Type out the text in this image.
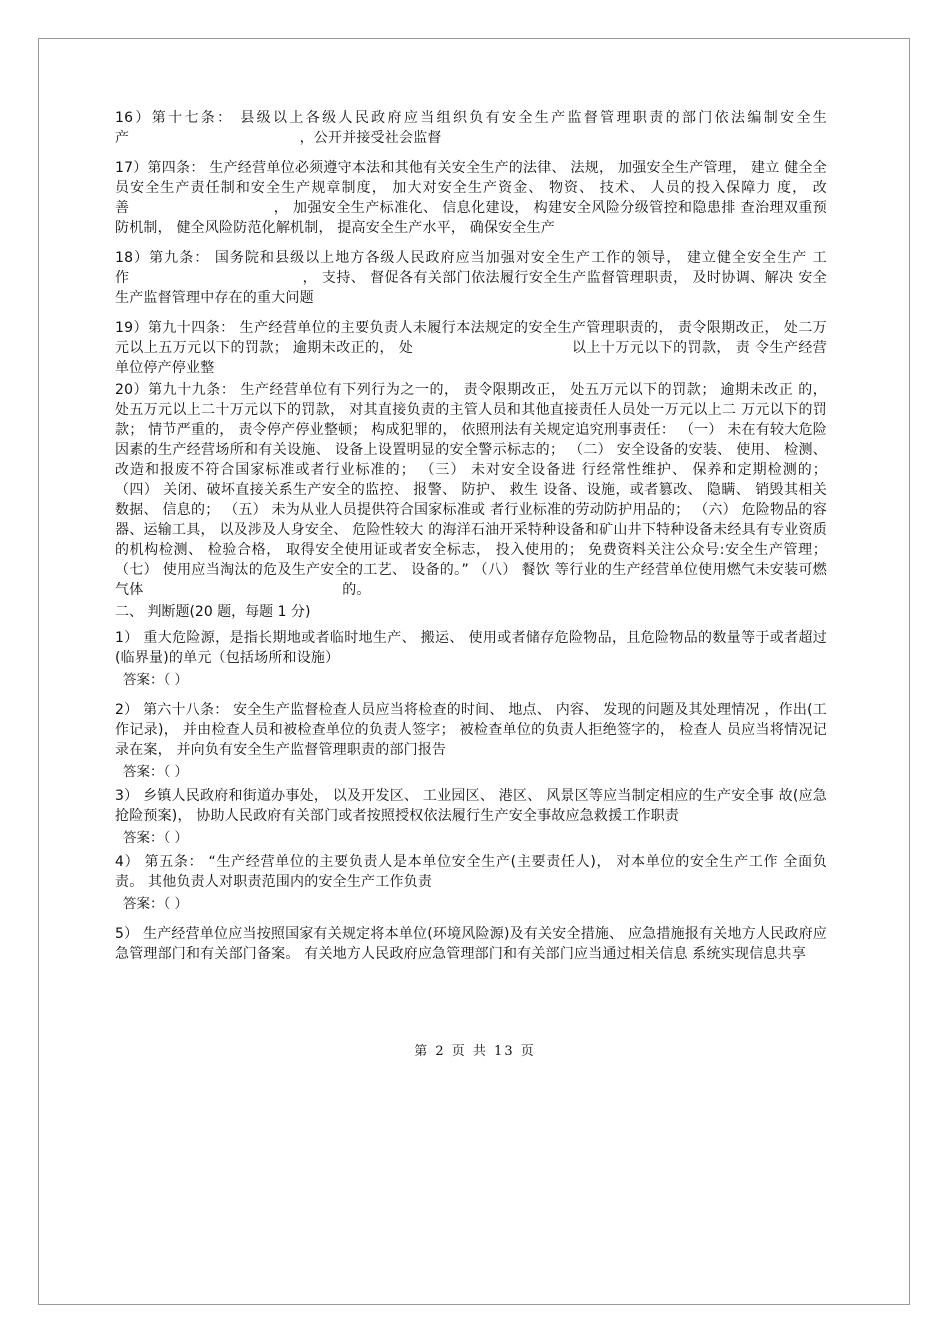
16）第十七条： 县级以上各级人民政府应当组织负有安全生产监督管理职责的部门依法编制安全生 产　　　　　　　　　　　　，公开并接受社会监督

17）第四条： 生产经营单位必须遵守本法和其他有关安全生产的法律、 法规， 加强安全生产管理， 建立 健全全员安全生产责任制和安全生产规章制度， 加大对安全生产资金、 物资、 技术、 人员的投入保障力 度， 改善　　　　　　　　　　， 加强安全生产标准化、 信息化建设， 构建安全风险分级管控和隐患排 查治理双重预防机制， 健全风险防范化解机制， 提高安全生产水平， 确保安全生产

18）第九条： 国务院和县级以上地方各级人民政府应当加强对安全生产工作的领导， 建立健全安全生产 工作　　　　　　　　　　　　， 支持、 督促各有关部门依法履行安全生产监督管理职责， 及时协调、解决 安全生产监督管理中存在的重大问题

19）第九十四条： 生产经营单位的主要负责人未履行本法规定的安全生产管理职责的， 责令限期改正， 处二万元以上五万元以下的罚款； 逾期未改正的， 处　　　　　　　　　　　以上十万元以下的罚款， 责 令生产经营单位停产停业整

20）第九十九条： 生产经营单位有下列行为之一的， 责令限期改正， 处五万元以下的罚款； 逾期未改正 的， 处五万元以上二十万元以下的罚款， 对其直接负责的主管人员和其他直接责任人员处一万元以上二 万元以下的罚款； 情节严重的， 责令停产停业整顿； 构成犯罪的， 依照刑法有关规定追究刑事责任： （一） 未在有较大危险因素的生产经营场所和有关设施、 设备上设置明显的安全警示标志的； （二） 安全设备的安装、 使用、 检测、 改造和报废不符合国家标准或者行业标准的； （三） 未对安全设备进 行经常性维护、 保养和定期检测的； （四） 关闭、破坏直接关系生产安全的监控、 报警、 防护、 救生 设备、设施，或者篡改、 隐瞒、 销毁其相关数据、 信息的； （五） 未为从业人员提供符合国家标准或 者行业标准的劳动防护用品的； （六） 危险物品的容器、运输工具， 以及涉及人身安全、 危险性较大 的海洋石油开采特种设备和矿山井下特种设备未经具有专业资质的机构检测、 检验合格， 取得安全使用证或者安全标志， 投入使用的； 免费资料关注公众号:安全生产管理； （七） 使用应当淘汰的危及生产安全的工艺、 设备的。” （八） 餐饮 等行业的生产经营单位使用燃气未安装可燃气体　　　　　　　　　　　　　　的。

二、 判断题(20 题，每题 1 分)

1） 重大危险源，是指长期地或者临时地生产、 搬运、 使用或者储存危险物品，且危险物品的数量等于或者超过(临界量)的单元（包括场所和设施）

答案：（ ）

2） 第六十八条： 安全生产监督检查人员应当将检查的时间、 地点、 内容、 发现的问题及其处理情况 ，作出(工作记录)， 并由检查人员和被检查单位的负责人签字； 被检查单位的负责人拒绝签字的， 检查人 员应当将情况记录在案， 并向负有安全生产监督管理职责的部门报告

答案：（ ）

3） 乡镇人民政府和街道办事处， 以及开发区、 工业园区、 港区、 风景区等应当制定相应的生产安全事 故(应急抢险预案)， 协助人民政府有关部门或者按照授权依法履行生产安全事故应急救援工作职责

答案：（ ）

4） 第五条： “生产经营单位的主要负责人是本单位安全生产(主要责任人)， 对本单位的安全生产工作 全面负责。 其他负责人对职责范围内的安全生产工作负责

答案：（ ）

5） 生产经营单位应当按照国家有关规定将本单位(环境风险源)及有关安全措施、 应急措施报有关地方人民政府应急管理部门和有关部门备案。 有关地方人民政府应急管理部门和有关部门应当通过相关信息 系统实现信息共享

第 2 页 共 13 页
